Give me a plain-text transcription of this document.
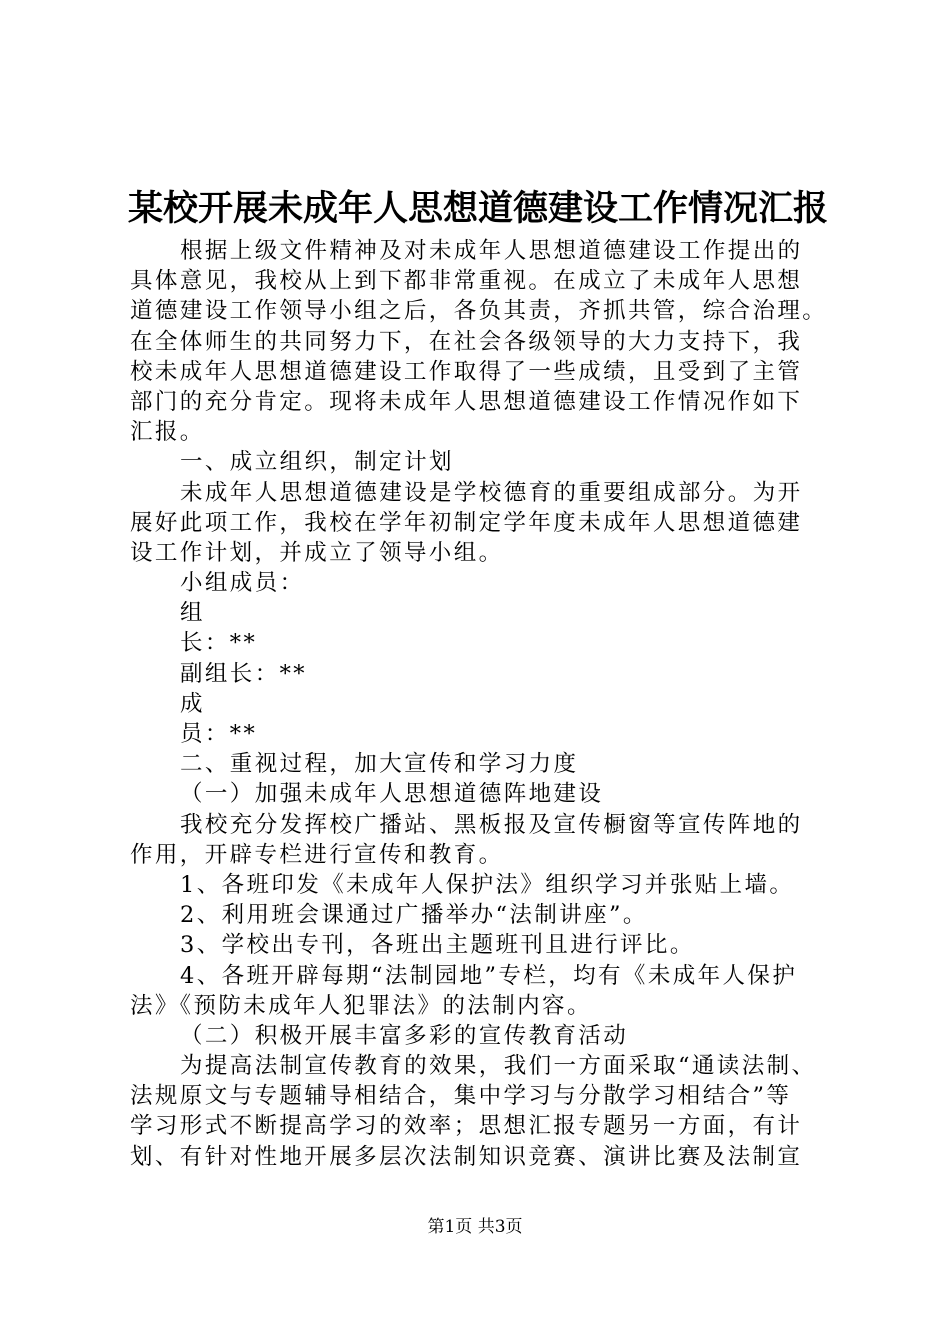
某校开展未成年人思想道德建设工作情况汇报
根据上级文件精神及对未成年人思想道德建设工作提出的
具体意见，我校从上到下都非常重视。在成立了未成年人思想
道德建设工作领导小组之后，各负其责，齐抓共管，综合治理。
在全体师生的共同努力下，在社会各级领导的大力支持下，我
校未成年人思想道德建设工作取得了一些成绩，且受到了主管
部门的充分肯定。现将未成年人思想道德建设工作情况作如下
汇报。
一、成立组织，制定计划
未成年人思想道德建设是学校德育的重要组成部分。为开
展好此项工作，我校在学年初制定学年度未成年人思想道德建
设工作计划，并成立了领导小组。
小组成员：
组
长：**
副组长：**
成
员：**
二、重视过程，加大宣传和学习力度
（一）加强未成年人思想道德阵地建设
我校充分发挥校广播站、黑板报及宣传橱窗等宣传阵地的
作用，开辟专栏进行宣传和教育。
1、各班印发《未成年人保护法》组织学习并张贴上墙。
2、利用班会课通过广播举办“法制讲座”。
3、学校出专刊，各班出主题班刊且进行评比。
4、各班开辟每期“法制园地”专栏，均有《未成年人保护
法》《预防未成年人犯罪法》的法制内容。
（二）积极开展丰富多彩的宣传教育活动
为提高法制宣传教育的效果，我们一方面采取“通读法制、
法规原文与专题辅导相结合，集中学习与分散学习相结合”等
学习形式不断提高学习的效率；思想汇报专题另一方面，有计
划、有针对性地开展多层次法制知识竞赛、演讲比赛及法制宣
第1页 共3页
